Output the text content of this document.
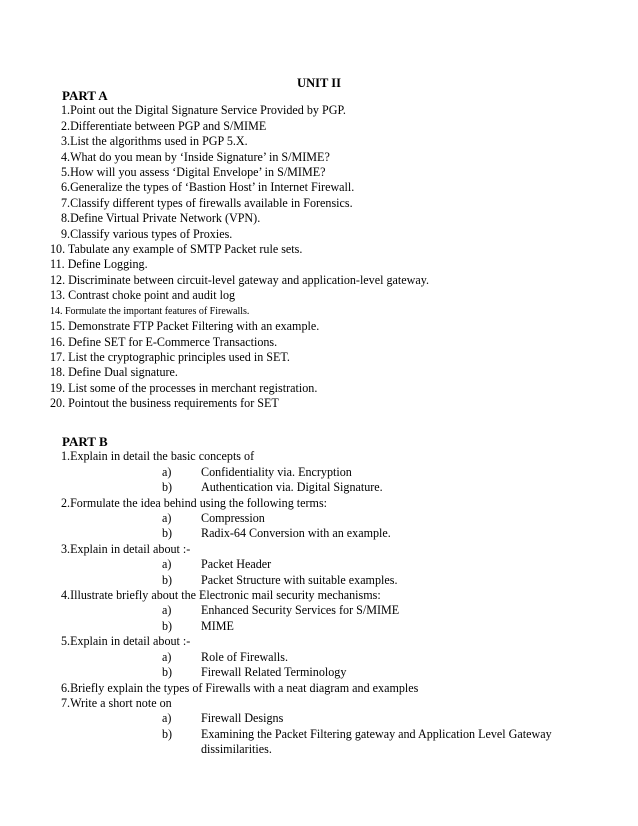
UNIT II
PART A
1.Point out the Digital Signature Service Provided by PGP.
2.Differentiate between PGP and S/MIME
3.List the algorithms used in PGP 5.X.
4.What do you mean by ‘Inside Signature’ in S/MIME?
5.How will you assess ‘Digital Envelope’ in S/MIME?
6.Generalize the types of ‘Bastion Host’ in Internet Firewall.
7.Classify different types of firewalls available in Forensics.
8.Define Virtual Private Network (VPN).
9.Classify various types of Proxies.
10. Tabulate any example of SMTP Packet rule sets.
11. Define Logging.
12. Discriminate between circuit-level gateway and application-level gateway.
13. Contrast choke point and audit log
14. Formulate the important features of Firewalls.
15. Demonstrate FTP Packet Filtering with an example.
16. Define SET for E-Commerce Transactions.
17. List the cryptographic principles used in SET.
18. Define Dual signature.
19. List some of the processes in merchant registration.
20. Pointout the business requirements for SET
PART B
1.Explain in detail the basic concepts of
a)	Confidentiality via. Encryption
b)	Authentication via. Digital Signature.
2.Formulate the idea behind using the following terms:
a)	Compression
b)	Radix-64 Conversion with an example.
3.Explain in detail about :-
a)	Packet Header
b)	Packet Structure with suitable examples.
4.Illustrate briefly about the Electronic mail security mechanisms:
a)	Enhanced Security Services for S/MIME
b)	MIME
5.Explain in detail about :-
a)	Role of Firewalls.
b)	Firewall Related Terminology
6.Briefly explain the types of Firewalls with a neat diagram and examples
7.Write a short note on
a)	Firewall Designs
b)	Examining the Packet Filtering gateway and Application Level Gateway dissimilarities.
